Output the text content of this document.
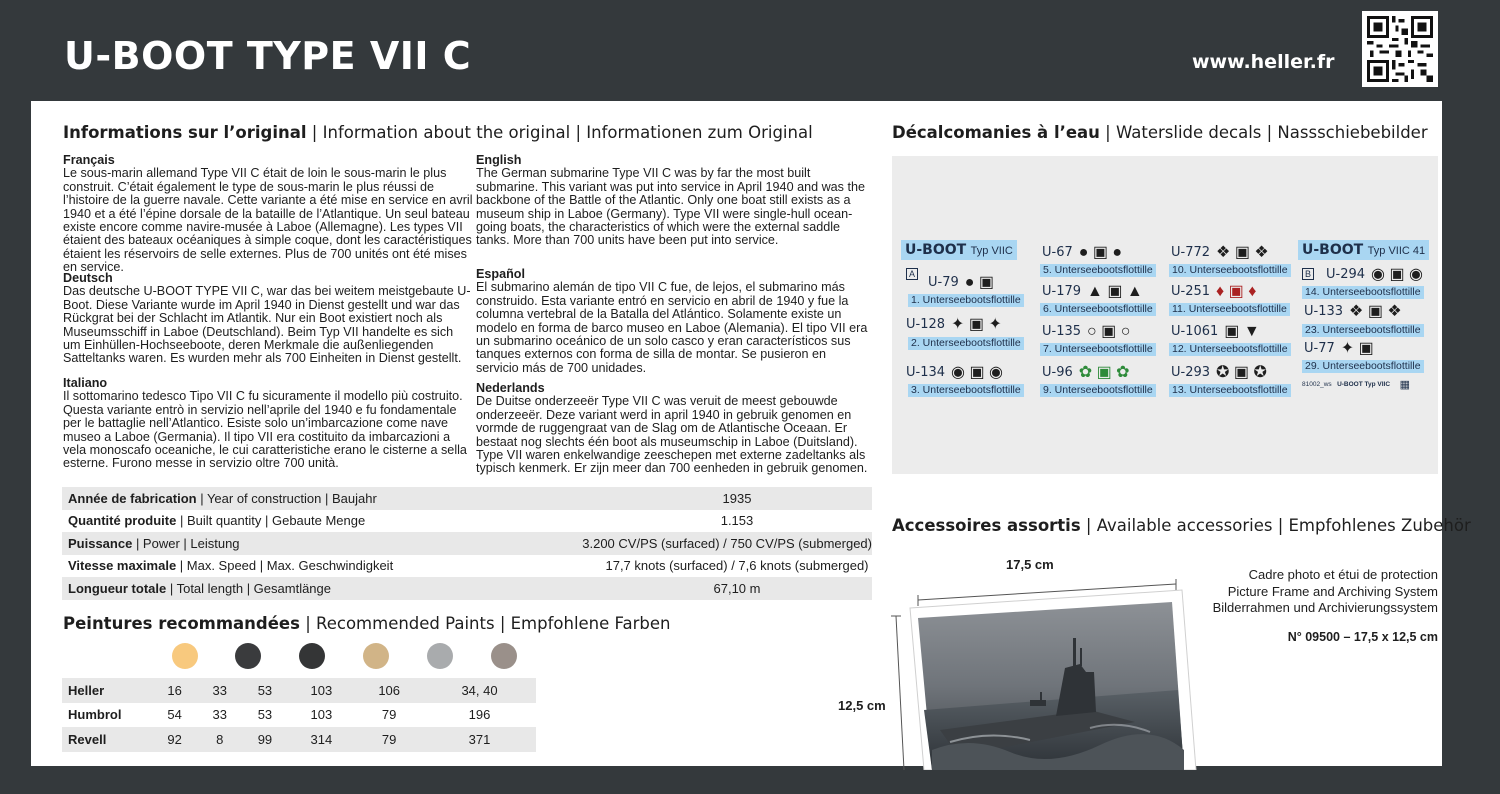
U-BOOT TYPE VII C	www.heller.fr
Informations sur l’original | Information about the original | Informationen zum Original
Français
Le sous-marin allemand Type VII C était de loin le sous-marin le plus construit. C’était également le type de sous-marin le plus réussi de l’histoire de la guerre navale. Cette variante a été mise en service en avril 1940 et a été l’épine dorsale de la bataille de l’Atlantique. Un seul bateau existe encore comme navire-musée à Laboe (Allemagne). Les types VII étaient des bateaux océaniques à simple coque, dont les caractéristiques étaient les réservoirs de selle externes. Plus de 700 unités ont été mises en service.
Deutsch
Das deutsche U-BOOT TYPE VII C, war das bei weitem meistgebaute U-Boot. Diese Variante wurde im April 1940 in Dienst gestellt und war das Rückgrat bei der Schlacht im Atlantik. Nur ein Boot existiert noch als Museumsschiff in Laboe (Deutschland). Beim Typ VII handelte es sich um Einhüllen-Hochseeboote, deren Merkmale die außenliegenden Satteltanks waren. Es wurden mehr als 700 Einheiten in Dienst gestellt.
Italiano
Il sottomarino tedesco Tipo VII C fu sicuramente il modello più costruito. Questa variante entrò in servizio nell’aprile del 1940 e fu fondamentale per le battaglie nell’Atlantico. Esiste solo un’imbarcazione come nave museo a Laboe (Germania). Il tipo VII era costituito da imbarcazioni a vela monoscafo oceaniche, le cui caratteristiche erano le cisterne a sella esterne. Furono messe in servizio oltre 700 unità.
English
The German submarine Type VII C was by far the most built submarine. This variant was put into service in April 1940 and was the backbone of the Battle of the Atlantic. Only one boat still exists as a museum ship in Laboe (Germany). Type VII were single-hull ocean-going boats, the characteristics of which were the external saddle tanks. More than 700 units have been put into service.
Español
El submarino alemán de tipo VII C fue, de lejos, el submarino más construido. Esta variante entró en servicio en abril de 1940 y fue la columna vertebral de la Batalla del Atlántico. Solamente existe un modelo en forma de barco museo en Laboe (Alemania). El tipo VII era un submarino oceánico de un solo casco y eran característicos sus tanques externos con forma de silla de montar. Se pusieron en servicio más de 700 unidades.
Nederlands
De Duitse onderzeeër Type VII C was veruit de meest gebouwde onderzeeër. Deze variant werd in april 1940 in gebruik genomen en vormde de ruggengraat van de Slag om de Atlantische Oceaan. Er bestaat nog slechts één boot als museumschip in Laboe (Duitsland). Type VII waren enkelwandige zeeschepen met externe zadeltanks als typisch kenmerk. Er zijn meer dan 700 eenheden in gebruik genomen.
Année de fabrication | Year of construction | Baujahr	1935
Quantité produite | Built quantity | Gebaute Menge	1.153
Puissance | Power | Leistung	3.200 CV/PS (surfaced) / 750 CV/PS (submerged)
Vitesse maximale | Max. Speed | Max. Geschwindigkeit	17,7 knots (surfaced) / 7,6 knots (submerged)
Longueur totale | Total length | Gesamtlänge	67,10 m
Peintures recommandées | Recommended Paints | Empfohlene Farben
Heller	16	33	53	103	106	34, 40
Humbrol	54	33	53	103	79	196
Revell	92	8	99	314	79	371
Décalcomanies à l’eau | Waterslide decals | Nassschiebebilder
U-BOOT Typ VIIC
A
U-79 ● ▣
1. Unterseebootsflottille
U-128 ✦ ▣ ✦
2. Unterseebootsflottille
U-134 ◉ ▣ ◉
3. Unterseebootsflottille
U-67 ● ▣ ●
5. Unterseebootsflottille
U-179 ▲ ▣ ▲
6. Unterseebootsflottille
U-135 ○ ▣ ○
7. Unterseebootsflottille
U-96 ✿ ▣ ✿
9. Unterseebootsflottille
U-772 ❖ ▣ ❖
10. Unterseebootsflottille
U-251 ♦ ▣ ♦
11. Unterseebootsflottille
U-1061 ▣ ▼
12. Unterseebootsflottille
U-293 ✪ ▣ ✪
13. Unterseebootsflottille
U-BOOT Typ VIIC 41
B U-294 ◉ ▣ ◉
14. Unterseebootsflottille
U-133 ❖ ▣ ❖
23. Unterseebootsflottille
U-77 ✦ ▣
29. Unterseebootsflottille
81002_ws U-BOOT Typ VIIC ▦
Accessoires assortis | Available accessories | Empfohlenes Zubehör
Cadre photo et étui de protection
Picture Frame and Archiving System
Bilderrahmen und Archivierungssystem
N° 09500 – 17,5 x 12,5 cm
17,5 cm
12,5 cm
